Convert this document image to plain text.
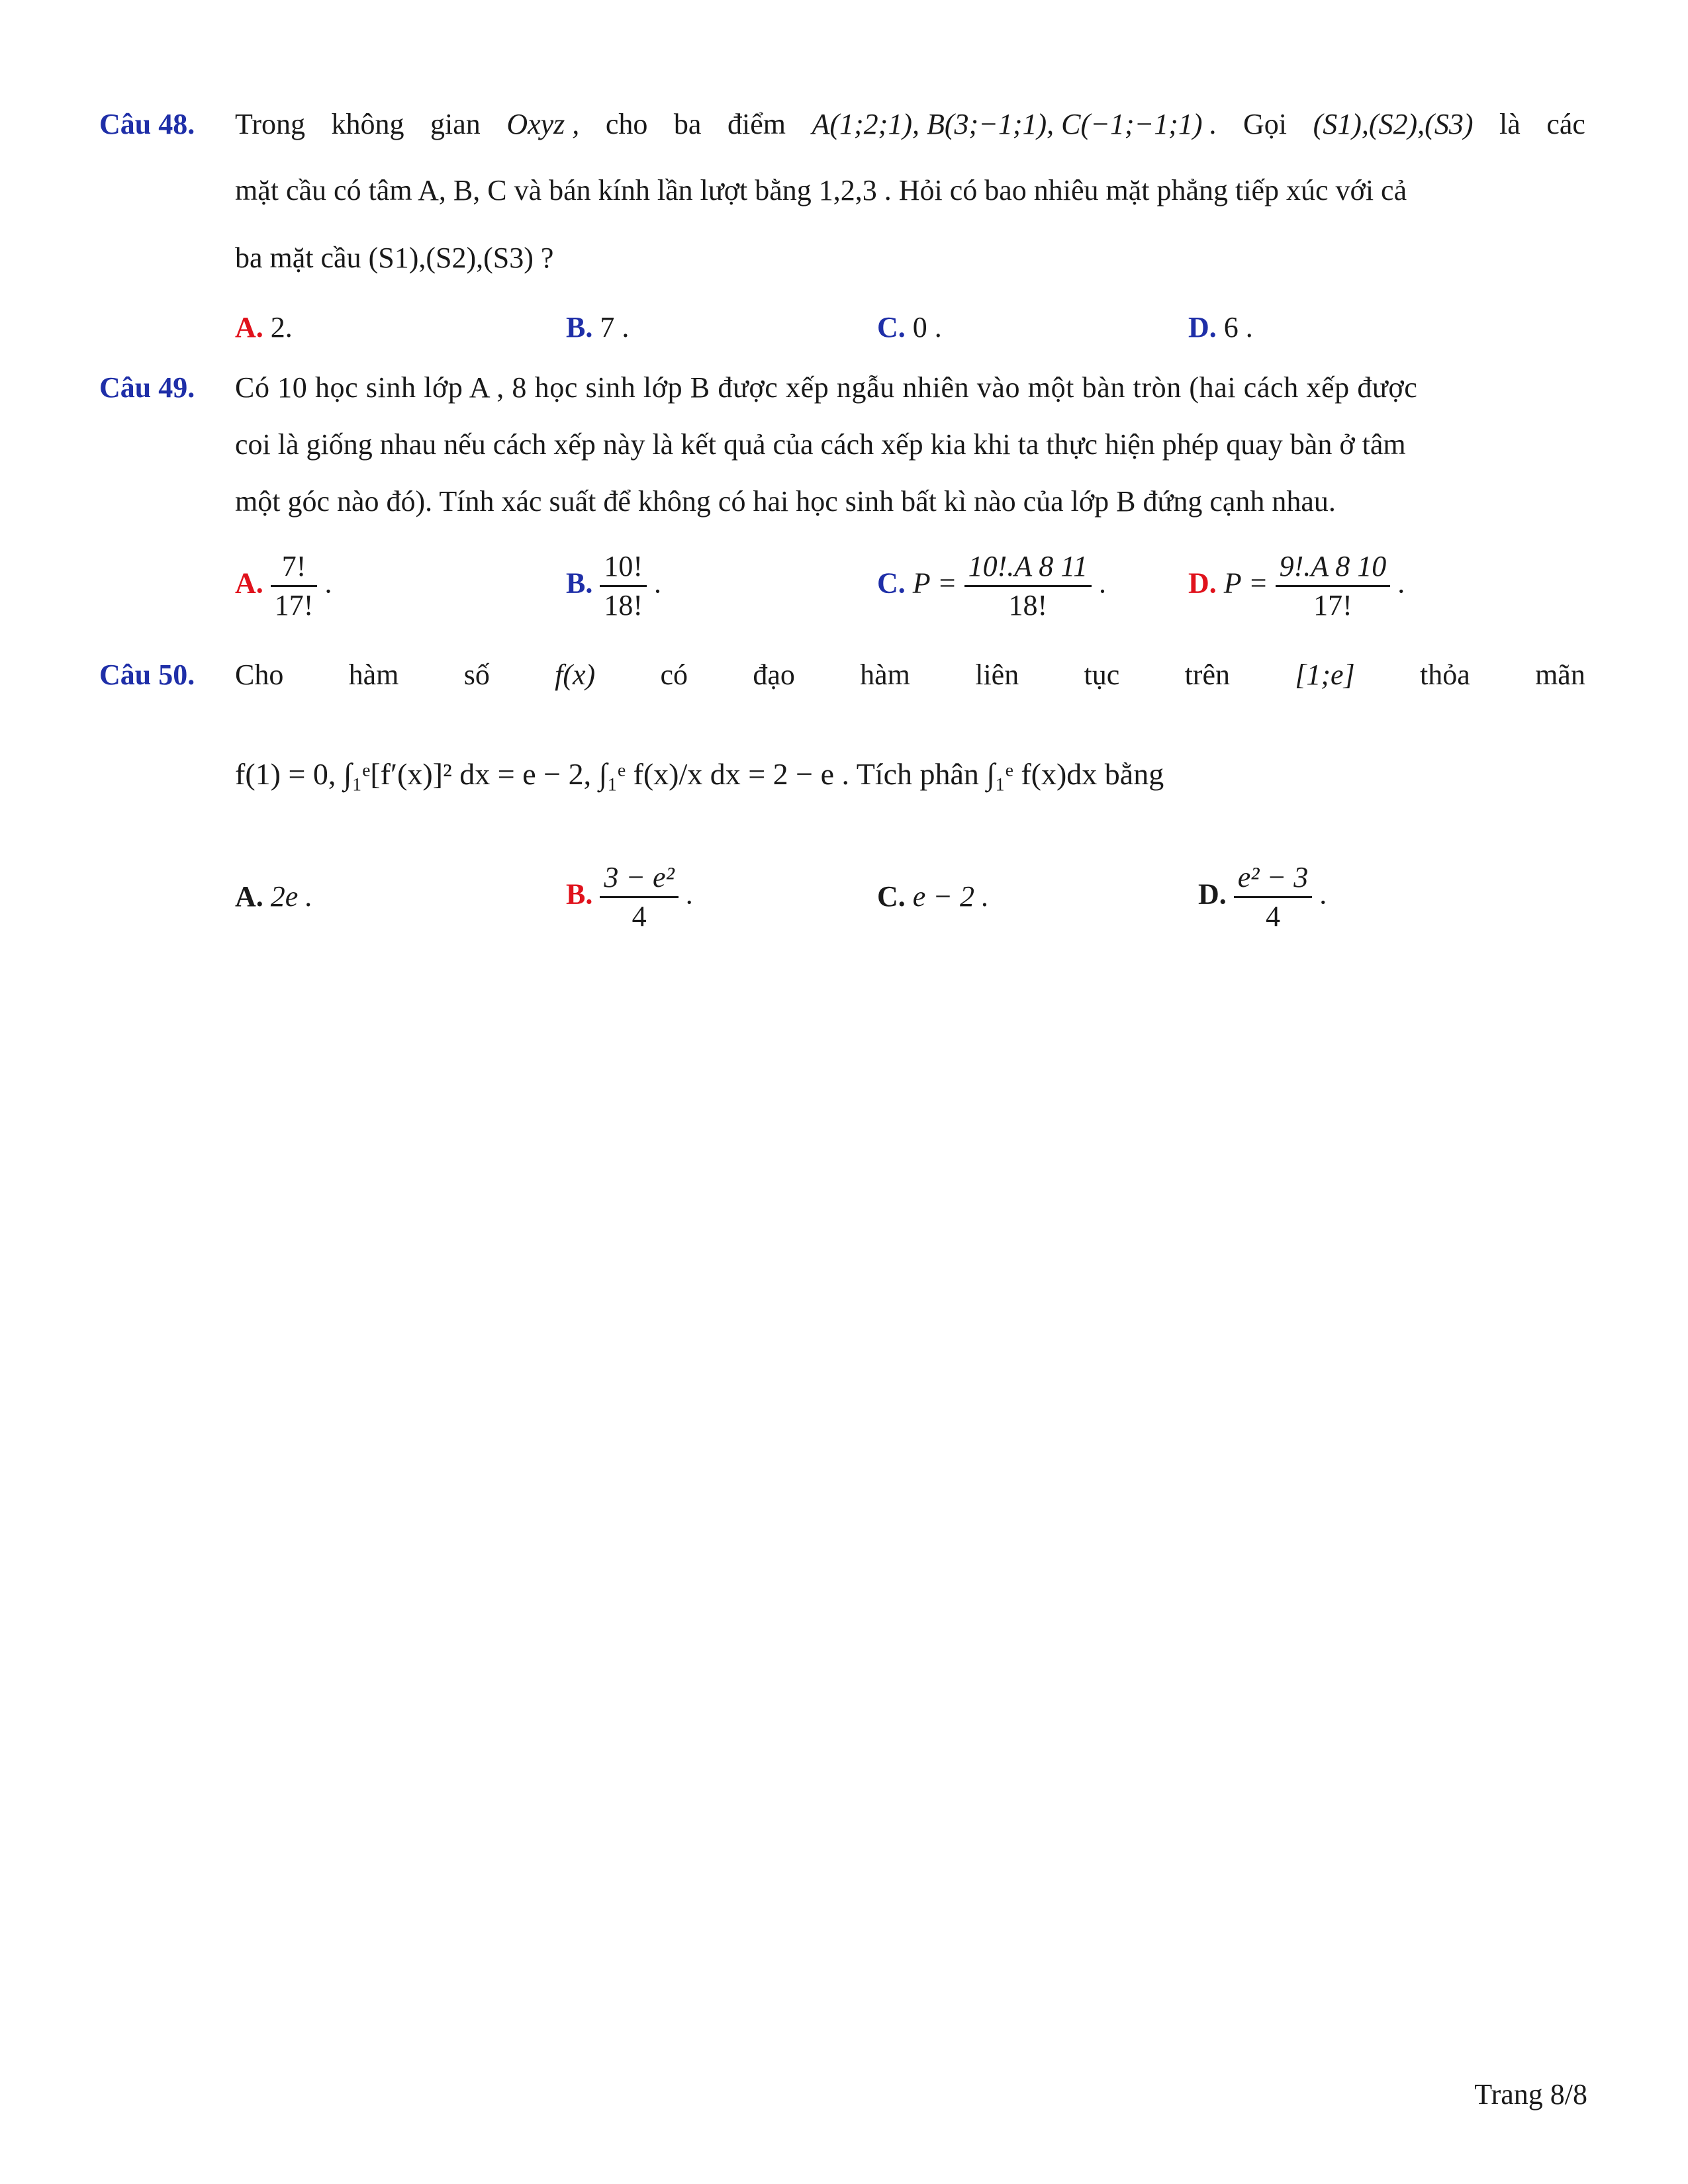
Câu 48. Trong không gian Oxyz , cho ba điểm A(1;2;1), B(3;−1;1), C(−1;−1;1) . Gọi (S1),(S2),(S3) là các
mặt cầu có tâm A, B, C và bán kính lần lượt bằng 1,2,3 . Hỏi có bao nhiêu mặt phẳng tiếp xúc với cả
ba mặt cầu (S1),(S2),(S3) ?
A. 2.	B. 7 .	C. 0 .	D. 6 .
Câu 49. Có 10 học sinh lớp A , 8 học sinh lớp B được xếp ngẫu nhiên vào một bàn tròn (hai cách xếp được
coi là giống nhau nếu cách xếp này là kết quả của cách xếp kia khi ta thực hiện phép quay bàn ở tâm
một góc nào đó). Tính xác suất để không có hai học sinh bất kì nào của lớp B đứng cạnh nhau.
A. $\frac{7!}{17!}$ .	B. $\frac{10!}{18!}$ .	C. $P = \frac{10!.A 8 11}{18!}$ .	D. $P = \frac{9!.A 8 10}{17!}$ .
Câu 50. Cho hàm số f(x) có đạo hàm liên tục trên [1;e] thỏa mãn
f(1) = 0, ∫₁ᵉ[f′(x)]² dx = e − 2, ∫₁ᵉ f(x)/x dx = 2 − e . Tích phân ∫₁ᵉ f(x)dx bằng
A. 2e .	B. $\frac{\text{3 − e²}}{4}$ .	C. e − 2 .	D. $\frac{\text{e² − 3}}{4}$ .
Trang 8/8
